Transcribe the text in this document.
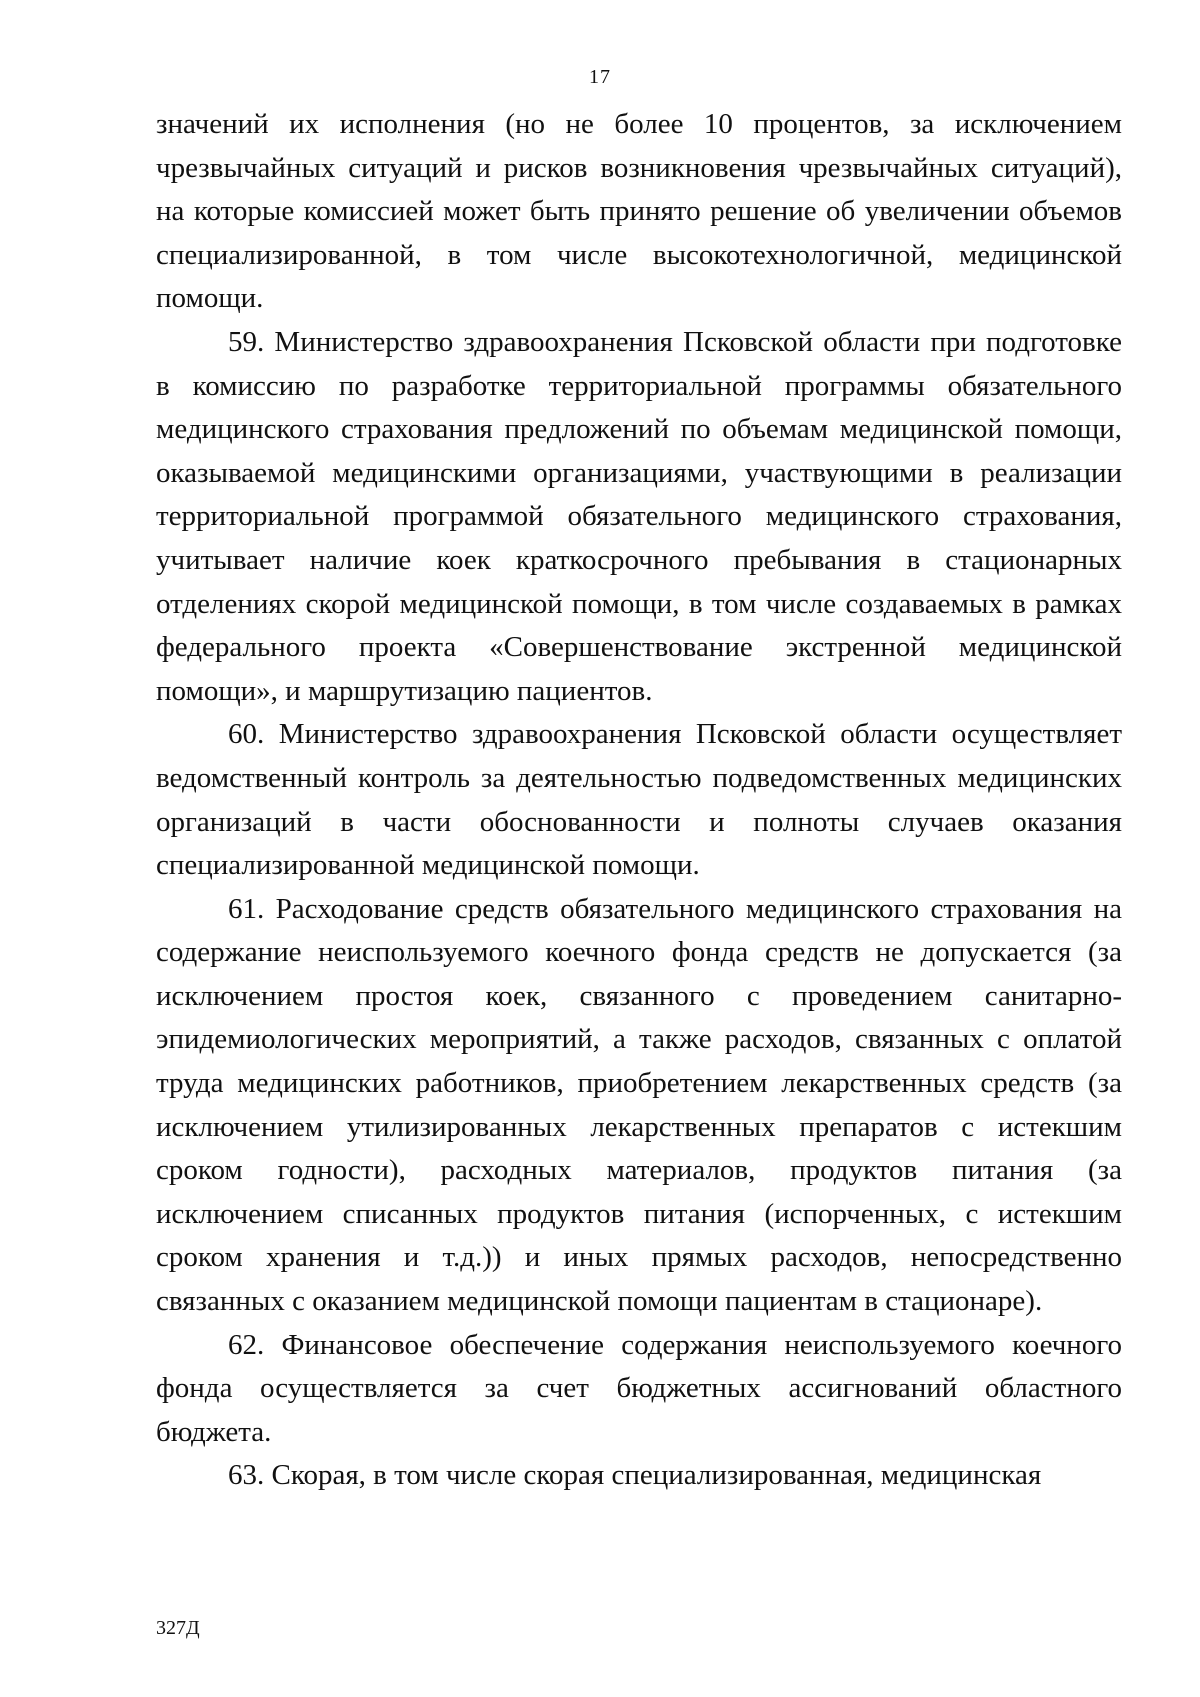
17

значений их исполнения (но не более 10 процентов, за исключением чрезвычайных ситуаций и рисков возникновения чрезвычайных ситуаций), на которые комиссией может быть принято решение об увеличении объемов специализированной, в том числе высокотехнологичной, медицинской помощи.

59. Министерство здравоохранения Псковской области при подготовке в комиссию по разработке территориальной программы обязательного медицинского страхования предложений по объемам медицинской помощи, оказываемой медицинскими организациями, участвующими в реализации территориальной программой обязательного медицинского страхования, учитывает наличие коек краткосрочного пребывания в стационарных отделениях скорой медицинской помощи, в том числе создаваемых в рамках федерального проекта «Совершенствование экстренной медицинской помощи», и маршрутизацию пациентов.

60. Министерство здравоохранения Псковской области осуществляет ведомственный контроль за деятельностью подведомственных медицинских организаций в части обоснованности и полноты случаев оказания специализированной медицинской помощи.

61. Расходование средств обязательного медицинского страхования на содержание неиспользуемого коечного фонда средств не допускается (за исключением простоя коек, связанного с проведением санитарно-эпидемиологических мероприятий, а также расходов, связанных с оплатой труда медицинских работников, приобретением лекарственных средств (за исключением утилизированных лекарственных препаратов с истекшим сроком годности), расходных материалов, продуктов питания (за исключением списанных продуктов питания (испорченных, с истекшим сроком хранения и т.д.)) и иных прямых расходов, непосредственно связанных с оказанием медицинской помощи пациентам в стационаре).

62. Финансовое обеспечение содержания неиспользуемого коечного фонда осуществляется за счет бюджетных ассигнований областного бюджета.

63. Скорая, в том числе скорая специализированная, медицинская

327Д
